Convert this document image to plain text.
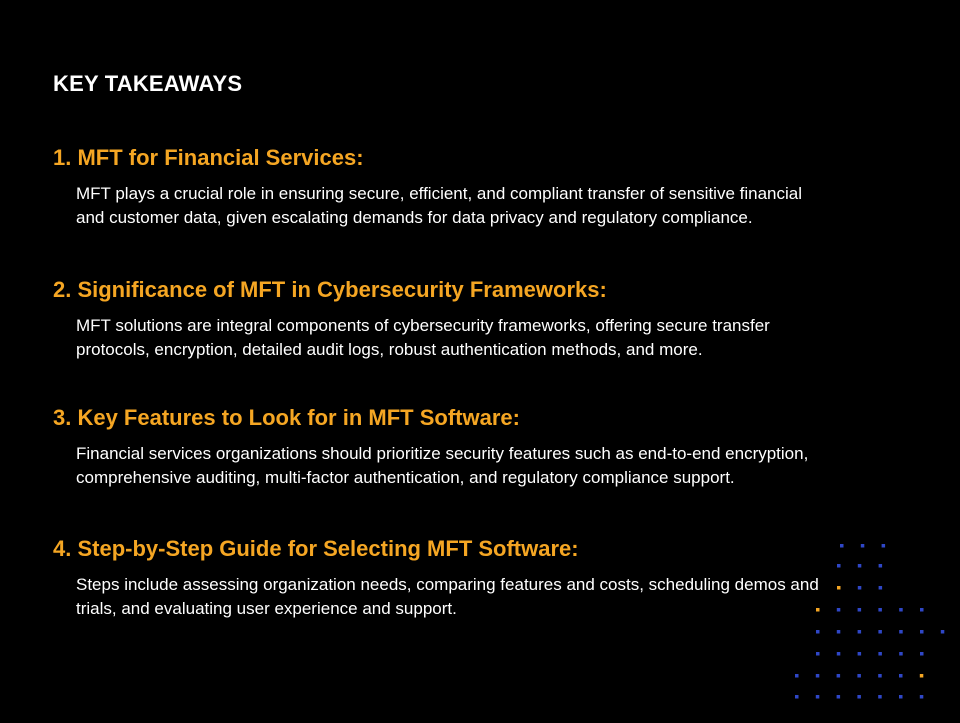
KEY TAKEAWAYS
1. MFT for Financial Services:

MFT plays a crucial role in ensuring secure, efficient, and compliant transfer of sensitive financial and customer data, given escalating demands for data privacy and regulatory compliance.

2. Significance of MFT in Cybersecurity Frameworks:

MFT solutions are integral components of cybersecurity frameworks, offering secure transfer protocols, encryption, detailed audit logs, robust authentication methods, and more.

3. Key Features to Look for in MFT Software:

Financial services organizations should prioritize security features such as end-to-end encryption, comprehensive auditing, multi-factor authentication, and regulatory compliance support.

4. Step-by-Step Guide for Selecting MFT Software:

Steps include assessing organization needs, comparing features and costs, scheduling demos and trials, and evaluating user experience and support.
